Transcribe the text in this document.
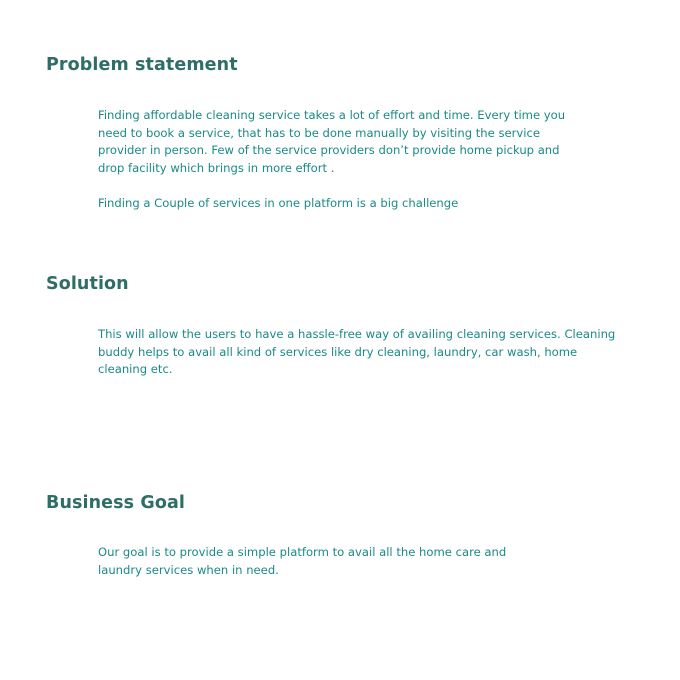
Problem statement

Finding affordable cleaning service takes a lot of effort and time. Every time you
need to book a service, that has to be done manually by visiting the service
provider in person. Few of the service providers don’t provide home pickup and
drop facility which brings in more effort .

Finding a Couple of services in one platform is a big challenge

Solution

This will allow the users to have a hassle-free way of availing cleaning services. Cleaning
buddy helps to avail all kind of services like dry cleaning, laundry, car wash, home
cleaning etc.

Business Goal

Our goal is to provide a simple platform to avail all the home care and
laundry services when in need.
